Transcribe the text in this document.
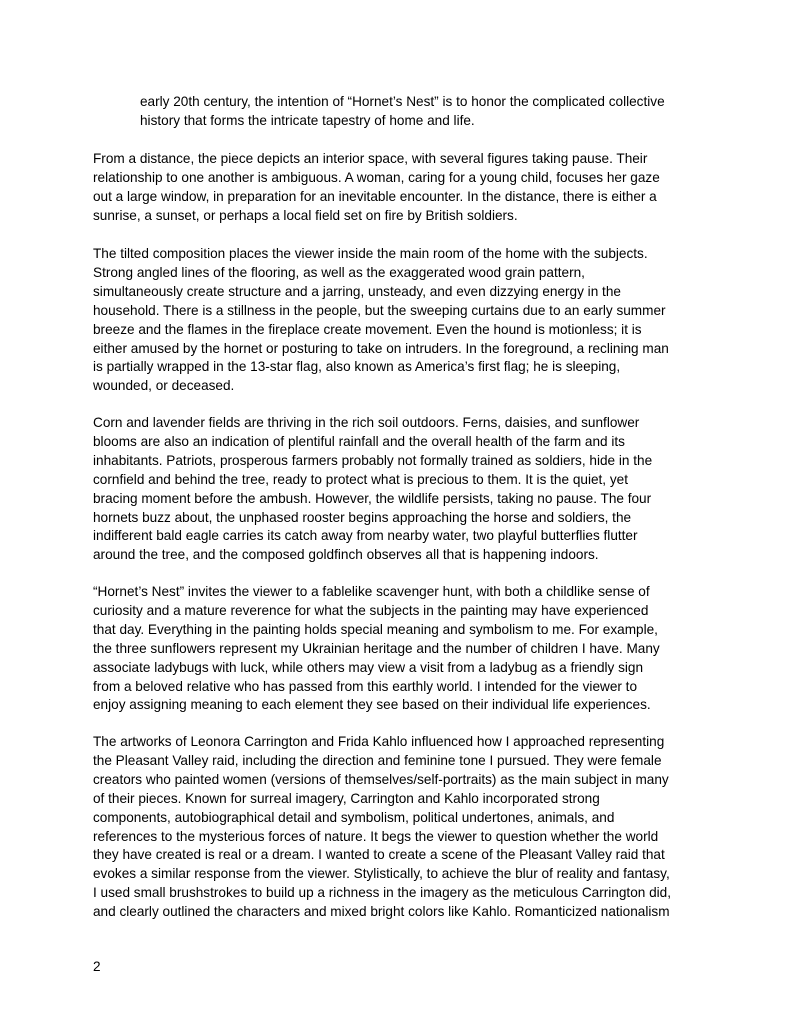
early 20th century, the intention of “Hornet’s Nest” is to honor the complicated collective
history that forms the intricate tapestry of home and life.

From a distance, the piece depicts an interior space, with several figures taking pause. Their
relationship to one another is ambiguous. A woman, caring for a young child, focuses her gaze
out a large window, in preparation for an inevitable encounter. In the distance, there is either a
sunrise, a sunset, or perhaps a local field set on fire by British soldiers.

The tilted composition places the viewer inside the main room of the home with the subjects.
Strong angled lines of the flooring, as well as the exaggerated wood grain pattern,
simultaneously create structure and a jarring, unsteady, and even dizzying energy in the
household. There is a stillness in the people, but the sweeping curtains due to an early summer
breeze and the flames in the fireplace create movement. Even the hound is motionless; it is
either amused by the hornet or posturing to take on intruders. In the foreground, a reclining man
is partially wrapped in the 13-star flag, also known as America’s first flag; he is sleeping,
wounded, or deceased.

Corn and lavender fields are thriving in the rich soil outdoors. Ferns, daisies, and sunflower
blooms are also an indication of plentiful rainfall and the overall health of the farm and its
inhabitants. Patriots, prosperous farmers probably not formally trained as soldiers, hide in the
cornfield and behind the tree, ready to protect what is precious to them. It is the quiet, yet
bracing moment before the ambush. However, the wildlife persists, taking no pause. The four
hornets buzz about, the unphased rooster begins approaching the horse and soldiers, the
indifferent bald eagle carries its catch away from nearby water, two playful butterflies flutter
around the tree, and the composed goldfinch observes all that is happening indoors.

“Hornet’s Nest” invites the viewer to a fablelike scavenger hunt, with both a childlike sense of
curiosity and a mature reverence for what the subjects in the painting may have experienced
that day. Everything in the painting holds special meaning and symbolism to me. For example,
the three sunflowers represent my Ukrainian heritage and the number of children I have. Many
associate ladybugs with luck, while others may view a visit from a ladybug as a friendly sign
from a beloved relative who has passed from this earthly world. I intended for the viewer to
enjoy assigning meaning to each element they see based on their individual life experiences.

The artworks of Leonora Carrington and Frida Kahlo influenced how I approached representing
the Pleasant Valley raid, including the direction and feminine tone I pursued. They were female
creators who painted women (versions of themselves/self-portraits) as the main subject in many
of their pieces. Known for surreal imagery, Carrington and Kahlo incorporated strong
components, autobiographical detail and symbolism, political undertones, animals, and
references to the mysterious forces of nature. It begs the viewer to question whether the world
they have created is real or a dream. I wanted to create a scene of the Pleasant Valley raid that
evokes a similar response from the viewer. Stylistically, to achieve the blur of reality and fantasy,
I used small brushstrokes to build up a richness in the imagery as the meticulous Carrington did,
and clearly outlined the characters and mixed bright colors like Kahlo. Romanticized nationalism

2
